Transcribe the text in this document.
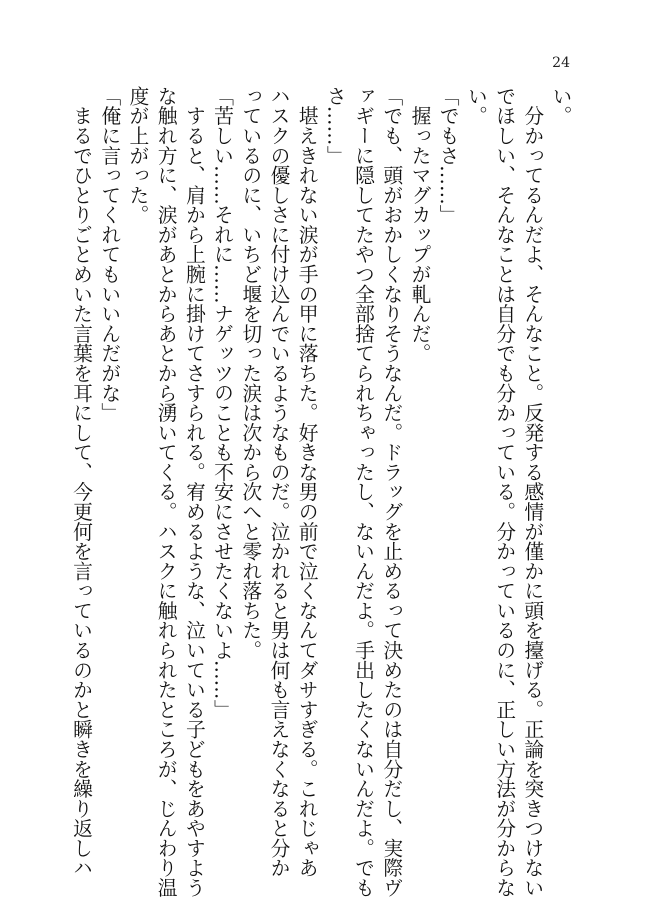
24
い。
　分かってるんだよ、そんなこと。反発する感情が僅かに頭を擡げる。正論を突きつけない
でほしい、そんなことは自分でも分かっている。分かっているのに、正しい方法が分からな
い。
「でもさ……」
　握ったマグカップが軋んだ。
「でも、頭がおかしくなりそうなんだ。ドラッグを止めるって決めたのは自分だし、実際ヴ
ァギーに隠してたやつ全部捨てられちゃったし、ないんだよ。手出したくないんだよ。でも
さ……」
　堪えきれない涙が手の甲に落ちた。好きな男の前で泣くなんてダサすぎる。これじゃあ
ハスクの優しさに付け込んでいるようなものだ。泣かれると男は何も言えなくなると分か
っているのに、いちど堰を切った涙は次から次へと零れ落ちた。
「苦しい……それに……ナゲッツのことも不安にさせたくないよ……」
　すると、肩から上腕に掛けてさすられる。宥めるような、泣いている子どもをあやすよう
な触れ方に、涙があとからあとから湧いてくる。ハスクに触れられたところが、じんわり温
度が上がった。
「俺に言ってくれてもいいんだがな」
　まるでひとりごとめいた言葉を耳にして、今更何を言っているのかと瞬きを繰り返しハ
